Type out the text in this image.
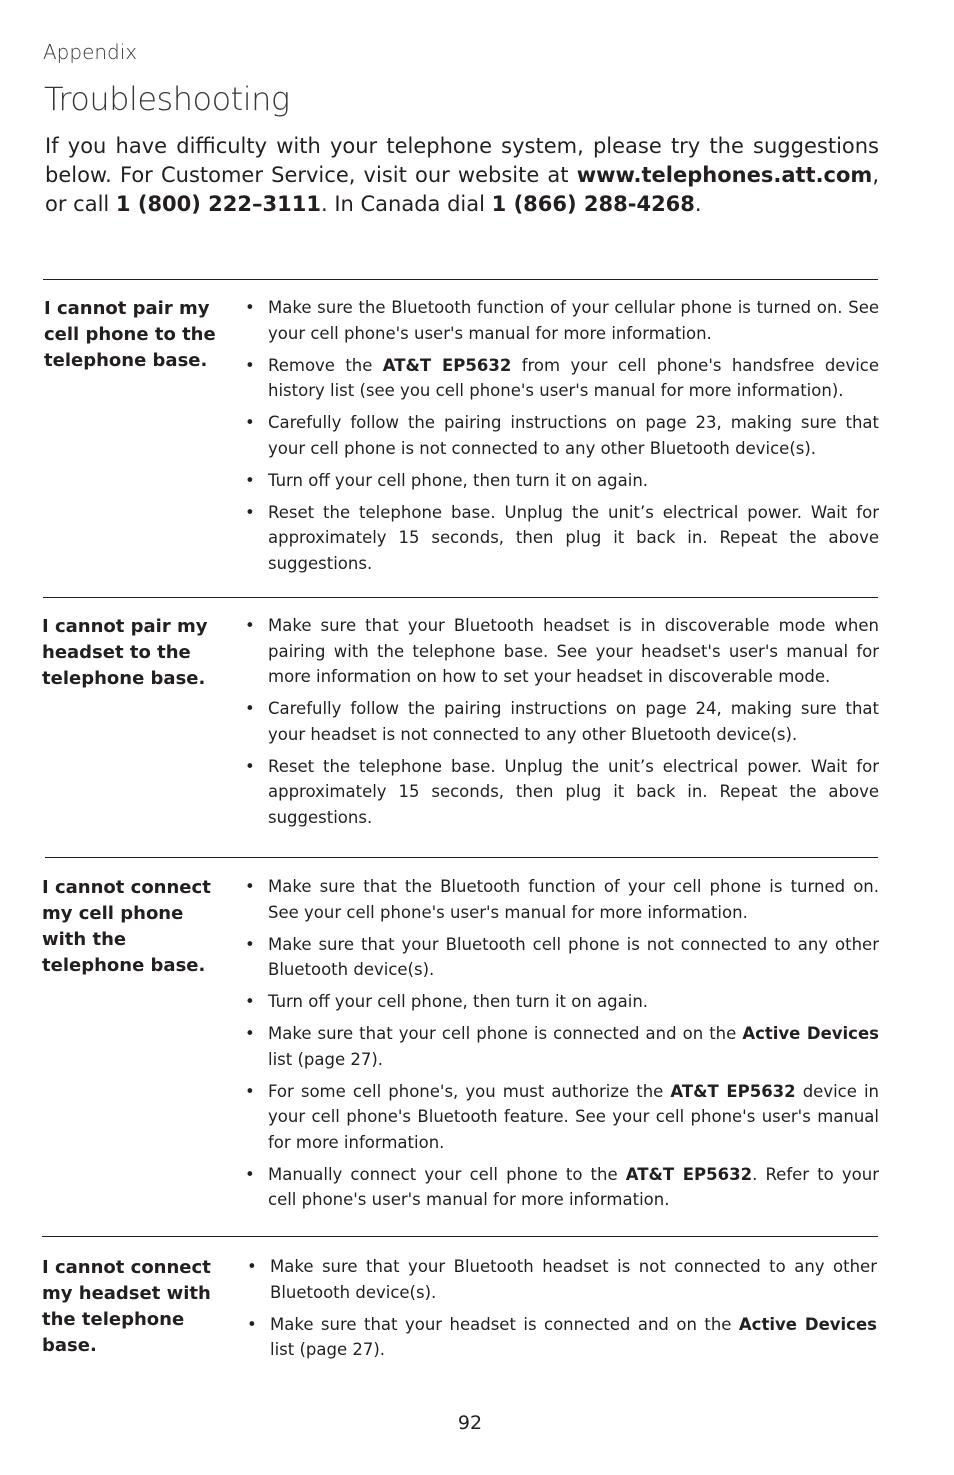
Appendix
Troubleshooting

If you have difficulty with your telephone system, please try the suggestions below. For Customer Service, visit our website at www.telephones.att.com, or call 1 (800) 222–3111. In Canada dial 1 (866) 288-4268.

I cannot pair my cell phone to the telephone base.

• Make sure the Bluetooth function of your cellular phone is turned on. See your cell phone's user's manual for more information.
• Remove the AT&T EP5632 from your cell phone's handsfree device history list (see you cell phone's user's manual for more information).
• Carefully follow the pairing instructions on page 23, making sure that your cell phone is not connected to any other Bluetooth device(s).
• Turn off your cell phone, then turn it on again.
• Reset the telephone base. Unplug the unit’s electrical power. Wait for approximately 15 seconds, then plug it back in. Repeat the above suggestions.

I cannot pair my headset to the telephone base.

• Make sure that your Bluetooth headset is in discoverable mode when pairing with the telephone base. See your headset's user's manual for more information on how to set your headset in discoverable mode.
• Carefully follow the pairing instructions on page 24, making sure that your headset is not connected to any other Bluetooth device(s).
• Reset the telephone base. Unplug the unit’s electrical power. Wait for approximately 15 seconds, then plug it back in. Repeat the above suggestions.

I cannot connect my cell phone with the telephone base.

• Make sure that the Bluetooth function of your cell phone is turned on. See your cell phone's user's manual for more information.
• Make sure that your Bluetooth cell phone is not connected to any other Bluetooth device(s).
• Turn off your cell phone, then turn it on again.
• Make sure that your cell phone is connected and on the Active Devices list (page 27).
• For some cell phone's, you must authorize the AT&T EP5632 device in your cell phone's Bluetooth feature. See your cell phone's user's manual for more information.
• Manually connect your cell phone to the AT&T EP5632. Refer to your cell phone's user's manual for more information.

I cannot connect my headset with the telephone base.

• Make sure that your Bluetooth headset is not connected to any other Bluetooth device(s).
• Make sure that your headset is connected and on the Active Devices list (page 27).
92
